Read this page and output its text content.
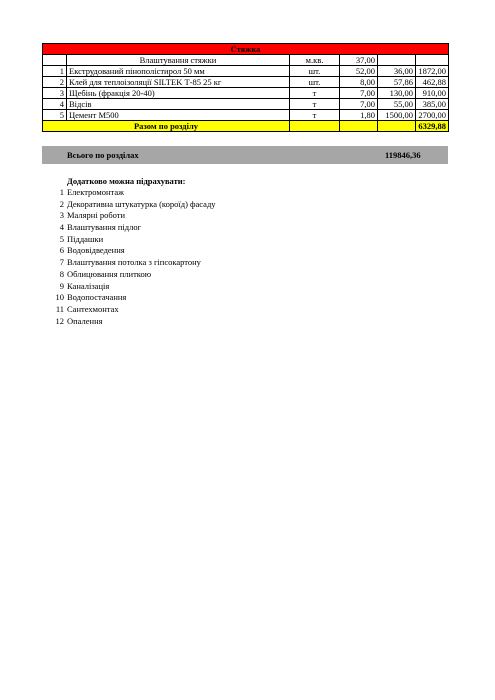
Стяжка					
	Влаштування стяжки	м.кв.	37,00		
1	Екструдований пінополістирол 50 мм	шт.	52,00	36,00	1872,00
2	Клей для теплоізоляції SILTEK Т-85 25 кг	шт.	8,00	57,86	462,88
3	Щебінь (фракція 20-40)	т	7,00	130,00	910,00
4	Відсів	т	7,00	55,00	385,00
5	Цемент М500	т	1,80	1500,00	2700,00
Разом по розділу					6329,88
Всього по розділах	119846,36
Додатково можна підрахувати:
1 Електромонтаж
2 Декоративна штукатурка (короїд) фасаду
3 Малярні роботи
4 Влаштування підлог
5 Піддашки
6 Водовідведення
7 Влаштування потолка з гіпсокартону
8 Облицювання плиткою
9 Каналізація
10 Водопостачання
11 Сантехмонтах
12 Опалення
